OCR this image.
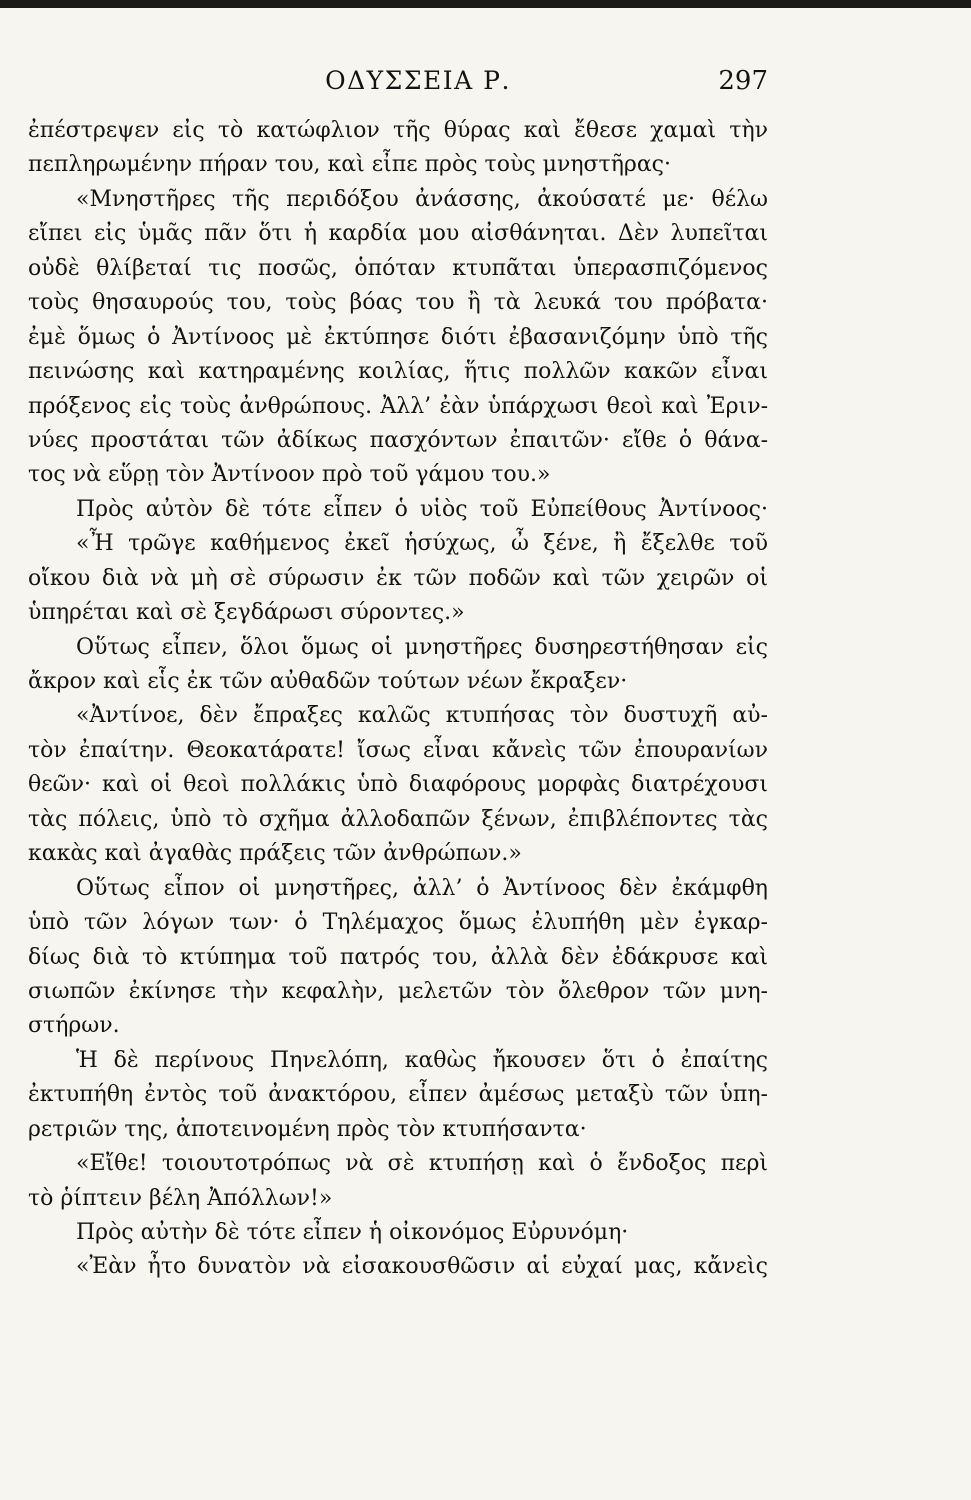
ΟΔΥΣΣΕΙΑ Ρ.	297
ἐπέστρεψεν εἰς τὸ κατώφλιον τῆς θύρας καὶ ἔθεσε χαμαὶ τὴν
πεπληρωμένην πήραν του, καὶ εἶπε πρὸς τοὺς μνηστῆρας·
«Μνηστῆρες τῆς περιδόξου ἀνάσσης, ἀκούσατέ με· θέλω
εἴπει εἰς ὑμᾶς πᾶν ὅτι ἡ καρδία μου αἰσθάνηται. Δὲν λυπεῖται
οὐδὲ θλίβεταί τις ποσῶς, ὁπόταν κτυπᾶται ὑπερασπιζόμενος
τοὺς θησαυρούς του, τοὺς βόας του ἢ τὰ λευκά του πρόβατα·
ἐμὲ ὅμως ὁ Ἀντίνοος μὲ ἐκτύπησε διότι ἐβασανιζόμην ὑπὸ τῆς
πεινώσης καὶ κατηραμένης κοιλίας, ἥτις πολλῶν κακῶν εἶναι
πρόξενος εἰς τοὺς ἀνθρώπους. Ἀλλ’ ἐὰν ὑπάρχωσι θεοὶ καὶ Ἐριν-
νύες προστάται τῶν ἀδίκως πασχόντων ἐπαιτῶν· εἴθε ὁ θάνα-
τος νὰ εὕρῃ τὸν Ἀντίνοον πρὸ τοῦ γάμου του.»
Πρὸς αὐτὸν δὲ τότε εἶπεν ὁ υἱὸς τοῦ Εὐπείθους Ἀντίνοος·
«Ἦ τρῶγε καθήμενος ἐκεῖ ἡσύχως, ὦ ξένε, ἢ ἔξελθε τοῦ
οἴκου διὰ νὰ μὴ σὲ σύρωσιν ἐκ τῶν ποδῶν καὶ τῶν χειρῶν οἱ
ὑπηρέται καὶ σὲ ξεγδάρωσι σύροντες.»
Οὕτως εἶπεν, ὅλοι ὅμως οἱ μνηστῆρες δυσηρεστήθησαν εἰς
ἄκρον καὶ εἷς ἐκ τῶν αὐθαδῶν τούτων νέων ἔκραξεν·
«Ἀντίνοε, δὲν ἔπραξες καλῶς κτυπήσας τὸν δυστυχῆ αὐ-
τὸν ἐπαίτην. Θεοκατάρατε! ἴσως εἶναι κἄνεὶς τῶν ἐπουρανίων
θεῶν· καὶ οἱ θεοὶ πολλάκις ὑπὸ διαφόρους μορφὰς διατρέχουσι
τὰς πόλεις, ὑπὸ τὸ σχῆμα ἀλλοδαπῶν ξένων, ἐπιβλέποντες τὰς
κακὰς καὶ ἀγαθὰς πράξεις τῶν ἀνθρώπων.»
Οὕτως εἶπον οἱ μνηστῆρες, ἀλλ’ ὁ Ἀντίνοος δὲν ἐκάμφθη
ὑπὸ τῶν λόγων των· ὁ Τηλέμαχος ὅμως ἐλυπήθη μὲν ἐγκαρ-
δίως διὰ τὸ κτύπημα τοῦ πατρός του, ἀλλὰ δὲν ἐδάκρυσε καὶ
σιωπῶν ἐκίνησε τὴν κεφαλὴν, μελετῶν τὸν ὄλεθρον τῶν μνη-
στήρων.
Ἡ δὲ περίνους Πηνελόπη, καθὼς ἤκουσεν ὅτι ὁ ἐπαίτης
ἐκτυπήθη ἐντὸς τοῦ ἀνακτόρου, εἶπεν ἀμέσως μεταξὺ τῶν ὑπη-
ρετριῶν της, ἀποτεινομένη πρὸς τὸν κτυπήσαντα·
«Εἴθε! τοιουτοτρόπως νὰ σὲ κτυπήσῃ καὶ ὁ ἔνδοξος περὶ
τὸ ῥίπτειν βέλη Ἀπόλλων!»
Πρὸς αὐτὴν δὲ τότε εἶπεν ἡ οἰκονόμος Εὐρυνόμη·
«Ἐὰν ἦτο δυνατὸν νὰ εἰσακουσθῶσιν αἱ εὐχαί μας, κἄνεὶς
